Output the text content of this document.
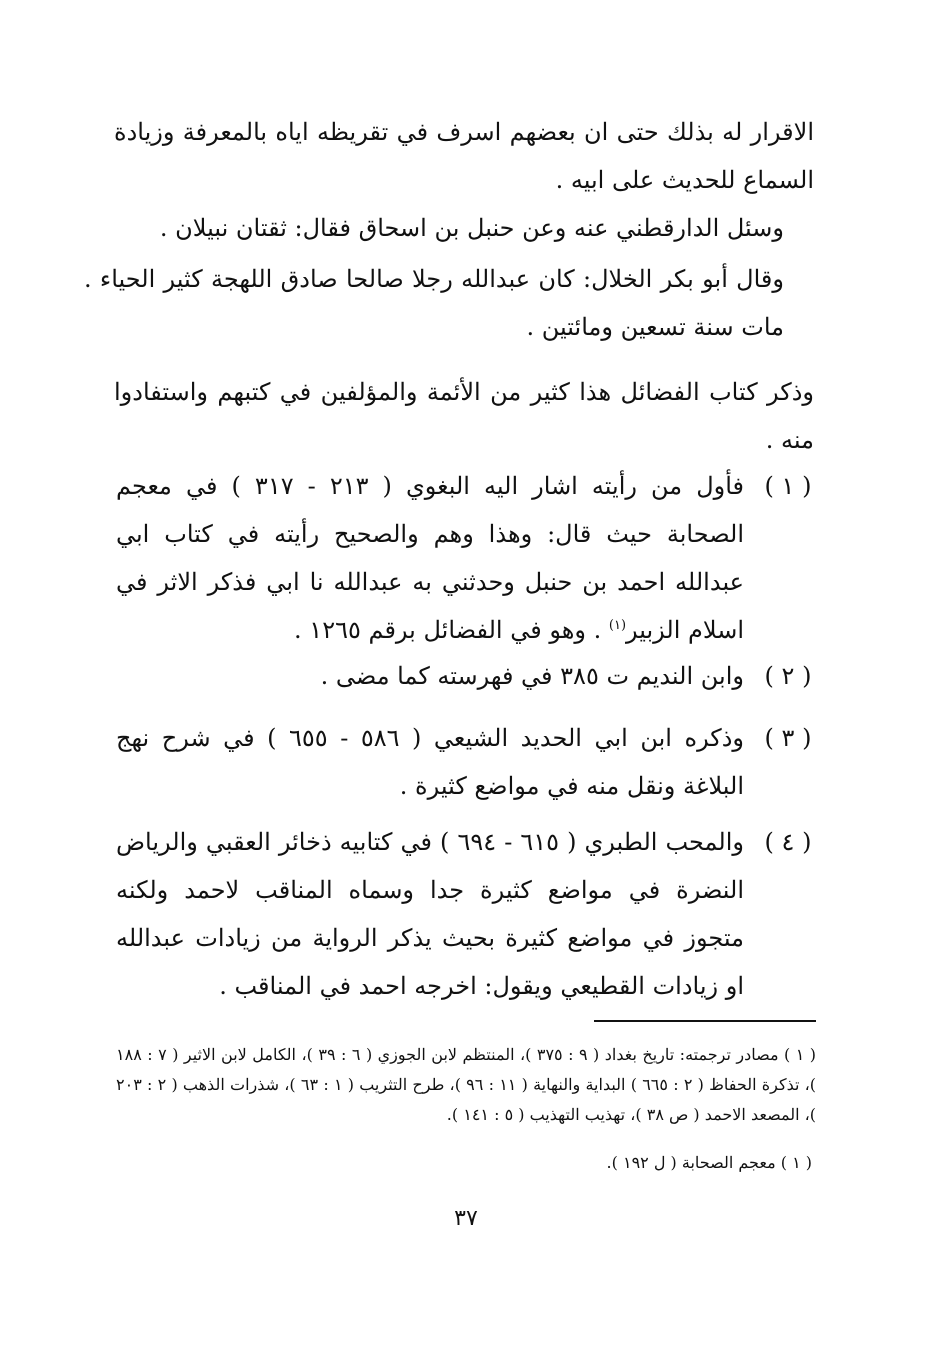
الاقرار له بذلك حتى ان بعضهم اسرف في تقريظه اياه بالمعرفة وزيادة السماع للحديث على ابيه .

وسئل الدارقطني عنه وعن حنبل بن اسحاق فقال: ثقتان نبيلان .

وقال أبو بكر الخلال: كان عبدالله رجلا صالحا صادق اللهجة كثير الحياء . مات سنة تسعين ومائتين .

وذكر كتاب الفضائل هذا كثير من الأئمة والمؤلفين في كتبهم واستفادوا منه .

( ١ )
فأول من رأيته اشار اليه البغوي ( ٢١٣ - ٣١٧ ) في معجم الصحابة حيث قال: وهذا وهم والصحيح رأيته في كتاب ابي عبدالله احمد بن حنبل وحدثني به عبدالله نا ابي فذكر الاثر في اسلام الزبير$^{(١)}$ . وهو في الفضائل برقم ١٢٦٥ .
( ٢ )
وابن النديم ت ٣٨٥ في فهرسته كما مضى .
( ٣ )
وذكره ابن ابي الحديد الشيعي ( ٥٨٦ - ٦٥٥ ) في شرح نهج البلاغة ونقل منه في مواضع كثيرة .
( ٤ )
والمحب الطبري ( ٦١٥ - ٦٩٤ ) في كتابيه ذخائر العقبي والرياض النضرة في مواضع كثيرة جدا وسماه المناقب لاحمد ولكنه متجوز في مواضع كثيرة بحيث يذكر الرواية من زيادات عبدالله او زيادات القطيعي ويقول: اخرجه احمد في المناقب .

( ١ ) مصادر ترجمته: تاريخ بغداد ( ٩ : ٣٧٥ )، المنتظم لابن الجوزي ( ٦ : ٣٩ )، الكامل لابن الاثير ( ٧ : ١٨٨ )، تذكرة الحفاظ ( ٢ : ٦٦٥ ) البداية والنهاية ( ١١ : ٩٦ )، طرح التثريب ( ١ : ٦٣ )، شذرات الذهب ( ٢ : ٢٠٣ )، المصعد الاحمد ( ص ٣٨ )، تهذيب التهذيب ( ٥ : ١٤١ ).

( ١ ) معجم الصحابة ( ل ١٩٢ ).

٣٧
